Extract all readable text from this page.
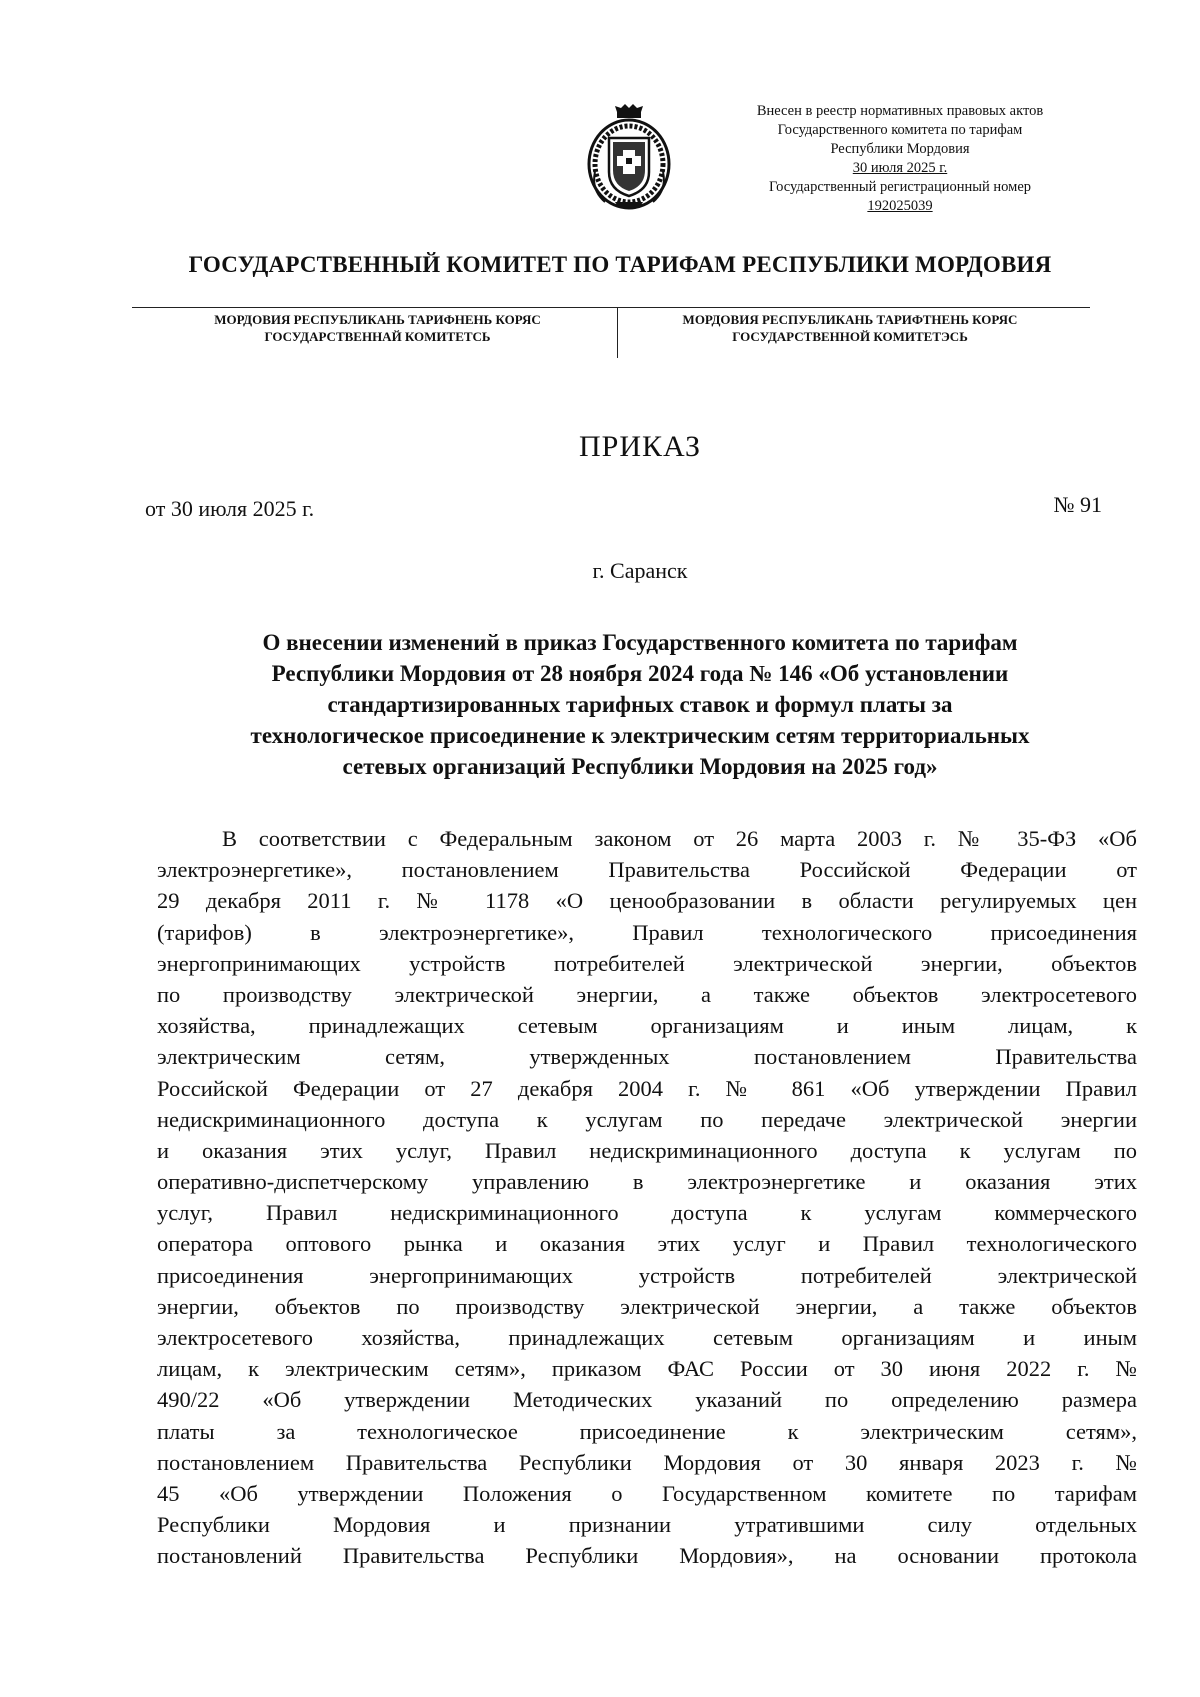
Внесен в реестр нормативных правовых актов
Государственного комитета по тарифам
Республики Мордовия
30 июля 2025 г.
Государственный регистрационный номер
192025039
ГОСУДАРСТВЕННЫЙ КОМИТЕТ ПО ТАРИФАМ РЕСПУБЛИКИ МОРДОВИЯ
МОРДОВИЯ РЕСПУБЛИКАНЬ ТАРИФНЕНЬ КОРЯС
ГОСУДАРСТВЕННАЙ КОМИТЕТСЬ
МОРДОВИЯ РЕСПУБЛИКАНЬ ТАРИФТНЕНЬ КОРЯС
ГОСУДАРСТВЕННОЙ КОМИТЕТЭСЬ
ПРИКАЗ
от 30 июля 2025 г.	№ 91
г. Саранск
О внесении изменений в приказ Государственного комитета по тарифам
Республики Мордовия от 28 ноября 2024 года № 146 «Об установлении
стандартизированных тарифных ставок и формул платы за
технологическое присоединение к электрическим сетям территориальных
сетевых организаций Республики Мордовия на 2025 год»
В соответствии с Федеральным законом от 26 марта 2003 г. № 35-ФЗ «Об
электроэнергетике», постановлением Правительства Российской Федерации от
29 декабря 2011 г. № 1178 «О ценообразовании в области регулируемых цен
(тарифов) в электроэнергетике», Правил технологического присоединения
энергопринимающих устройств потребителей электрической энергии, объектов
по производству электрической энергии, а также объектов электросетевого
хозяйства, принадлежащих сетевым организациям и иным лицам, к
электрическим сетям, утвержденных постановлением Правительства
Российской Федерации от 27 декабря 2004 г. № 861 «Об утверждении Правил
недискриминационного доступа к услугам по передаче электрической энергии
и оказания этих услуг, Правил недискриминационного доступа к услугам по
оперативно-диспетчерскому управлению в электроэнергетике и оказания этих
услуг, Правил недискриминационного доступа к услугам коммерческого
оператора оптового рынка и оказания этих услуг и Правил технологического
присоединения энергопринимающих устройств потребителей электрической
энергии, объектов по производству электрической энергии, а также объектов
электросетевого хозяйства, принадлежащих сетевым организациям и иным
лицам, к электрическим сетям», приказом ФАС России от 30 июня 2022 г. №
490/22 «Об утверждении Методических указаний по определению размера
платы за технологическое присоединение к электрическим сетям»,
постановлением Правительства Республики Мордовия от 30 января 2023 г. №
45 «Об утверждении Положения о Государственном комитете по тарифам
Республики Мордовия и признании утратившими силу отдельных
постановлений Правительства Республики Мордовия», на основании протокола
